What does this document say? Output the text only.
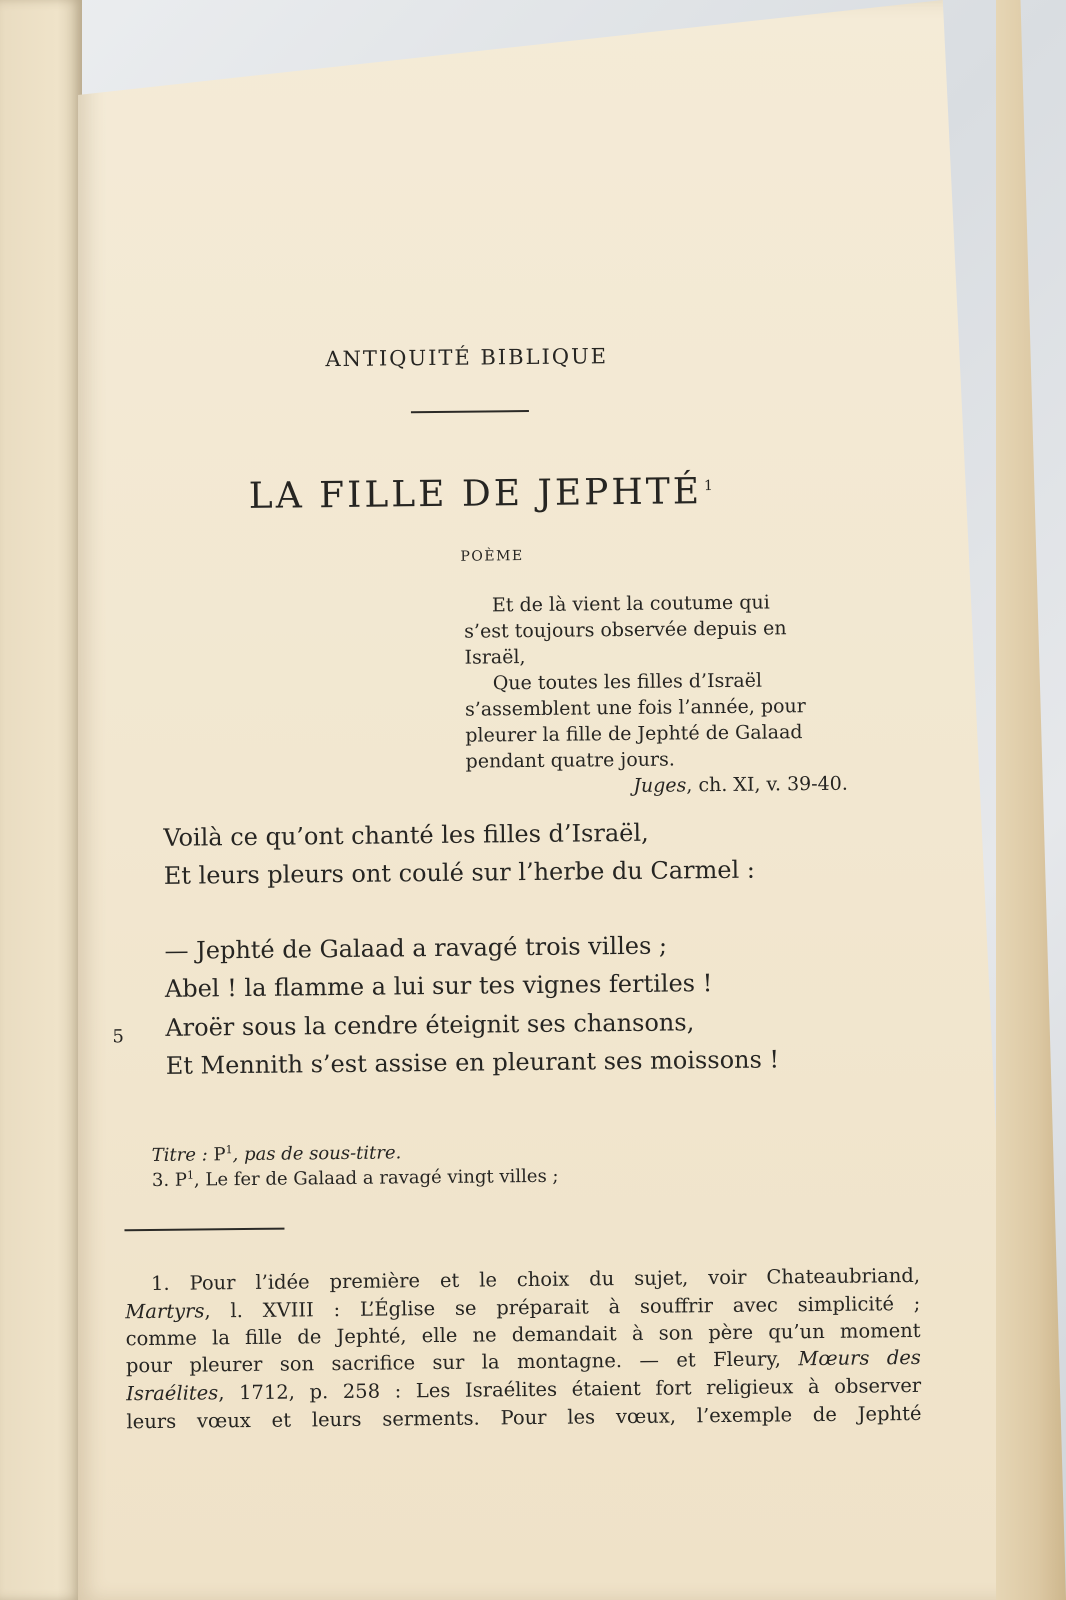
ANTIQUITÉ BIBLIQUE
LA FILLE DE JEPHTÉ $^1$
POÈME
Et de là vient la coutume qui
s’est toujours observée depuis en
Israël,
Que toutes les filles d’Israël
s’assemblent une fois l’année, pour
pleurer la fille de Jephté de Galaad
pendant quatre jours.
Juges, ch. XI, v. 39-40.
Voilà ce qu’ont chanté les filles d’Israël,
Et leurs pleurs ont coulé sur l’herbe du Carmel :
— Jephté de Galaad a ravagé trois villes ;
Abel ! la flamme a lui sur tes vignes fertiles !
5 Aroër sous la cendre éteignit ses chansons,
Et Mennith s’est assise en pleurant ses moissons !
Titre : $P^1$, pas de sous-titre.
3. $P^1$, Le fer de Galaad a ravagé vingt villes ;
1. Pour l’idée première et le choix du sujet, voir Chateaubriand,
Martyrs, l. XVIII : L’Église se préparait à souffrir avec simplicité ;
comme la fille de Jephté, elle ne demandait à son père qu’un moment
pour pleurer son sacrifice sur la montagne. — et Fleury, Mœurs des
Israélites, 1712, p. 258 : Les Israélites étaient fort religieux à observer
leurs vœux et leurs serments. Pour les vœux, l’exemple de Jephté
